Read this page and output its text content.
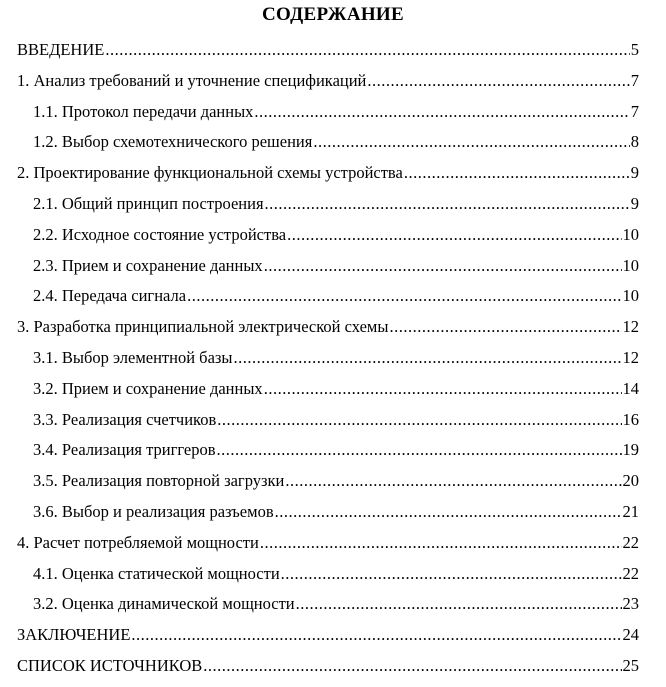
СОДЕРЖАНИЕ
ВВЕДЕНИЕ .....	5
1. Анализ требований и уточнение спецификаций .....	7
1.1. Протокол передачи данных .....	7
1.2. Выбор схемотехнического решения .....	8
2. Проектирование функциональной схемы устройства .....	9
2.1. Общий принцип построения .....	9
2.2. Исходное состояние устройства .....	10
2.3. Прием и сохранение данных .....	10
2.4. Передача сигнала .....	10
3. Разработка принципиальной электрической схемы .....	12
3.1. Выбор элементной базы .....	12
3.2. Прием и сохранение данных .....	14
3.3. Реализация счетчиков .....	16
3.4. Реализация триггеров .....	19
3.5. Реализация повторной загрузки .....	20
3.6. Выбор и реализация разъемов .....	21
4. Расчет потребляемой мощности .....	22
4.1. Оценка статической мощности .....	22
3.2. Оценка динамической мощности .....	23
ЗАКЛЮЧЕНИЕ .....	24
СПИСОК ИСТОЧНИКОВ .....	25
